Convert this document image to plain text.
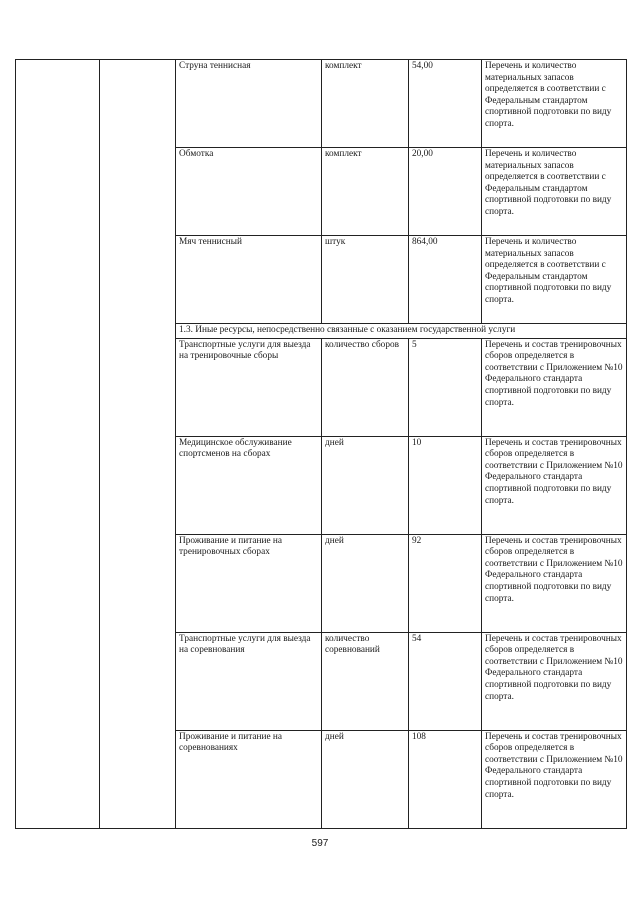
		Струна теннисная	комплект	54,00	Перечень и количество материальных запасов определяется в соответствии с Федеральным стандартом спортивной подготовки по виду спорта.
		Обмотка	комплект	20,00	Перечень и количество материальных запасов определяется в соответствии с Федеральным стандартом спортивной подготовки по виду спорта.
		Мяч теннисный	штук	864,00	Перечень и количество материальных запасов определяется в соответствии с Федеральным стандартом спортивной подготовки по виду спорта.
		1.3. Иные ресурсы, непосредственно связанные с оказанием государственной услуги			
		Транспортные услуги для выезда на тренировочные сборы	количество сборов	5	Перечень и состав тренировочных сборов определяется в соответствии с Приложением №10 Федерального стандарта спортивной подготовки по виду спорта.
		Медицинское обслуживание спортсменов на сборах	дней	10	Перечень и состав тренировочных сборов определяется в соответствии с Приложением №10 Федерального стандарта спортивной подготовки по виду спорта.
		Проживание и питание на тренировочных сборах	дней	92	Перечень и состав тренировочных сборов определяется в соответствии с Приложением №10 Федерального стандарта спортивной подготовки по виду спорта.
		Транспортные услуги для выезда на соревнования	количество соревнований	54	Перечень и состав тренировочных сборов определяется в соответствии с Приложением №10 Федерального стандарта спортивной подготовки по виду спорта.
		Проживание и питание на соревнованиях	дней	108	Перечень и состав тренировочных сборов определяется в соответствии с Приложением №10 Федерального стандарта спортивной подготовки по виду спорта.
597
